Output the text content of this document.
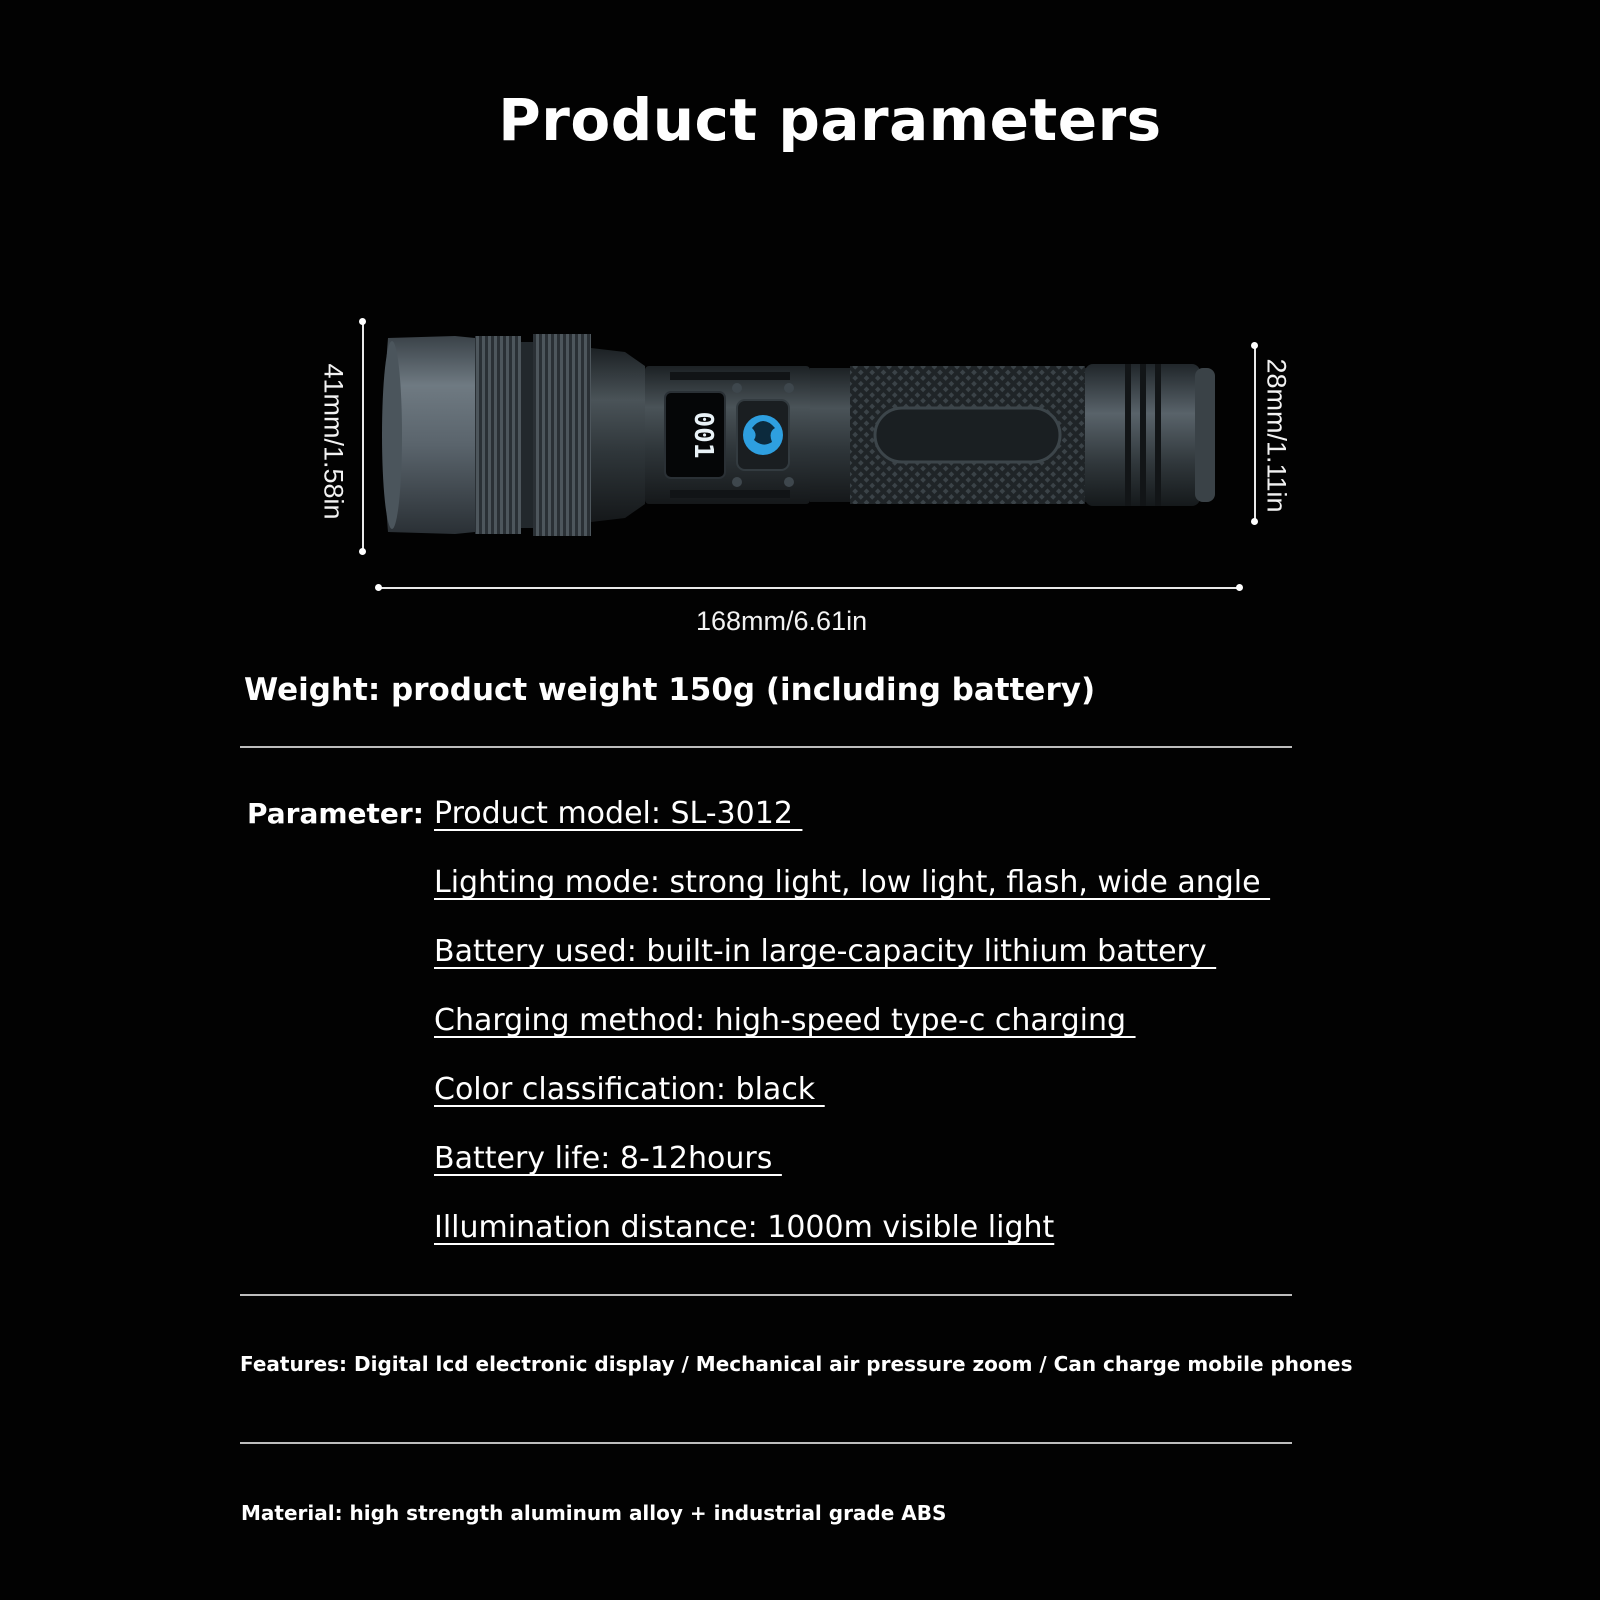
Product parameters
41mm/1.58in	28mm/1.11in
168mm/6.61in
001
Weight: product weight 150g (including battery)
Parameter: Product model: SL-3012
Lighting mode: strong light, low light, flash, wide angle
Battery used: built-in large-capacity lithium battery
Charging method: high-speed type-c charging
Color classification: black
Battery life: 8-12hours
Illumination distance: 1000m visible light
Features: Digital lcd electronic display / Mechanical air pressure zoom / Can charge mobile phones
Material: high strength aluminum alloy + industrial grade ABS
